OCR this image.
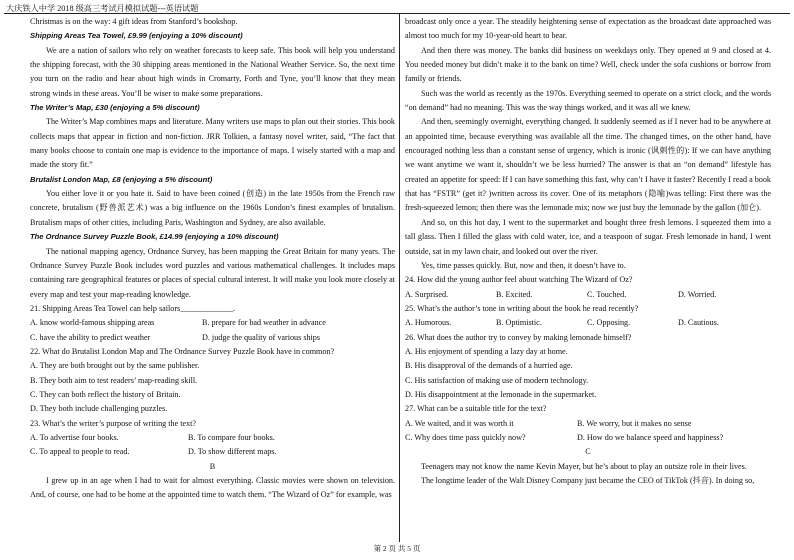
大庆铁人中学 2018 级高三考试月模拟试题---英语试题

Christmas is on the way: 4 gift ideas from Stanford’s bookshop.

Shipping Areas Tea Towel, £9.99 (enjoying a 10% discount)

We are a nation of sailors who rely on weather forecasts to keep safe. This book will help you understand the shipping forecast, with the 30 shipping areas mentioned in the National Weather Service. So, the next time you turn on the radio and hear about high winds in Cromarty, Forth and Tyne, you’ll know that they mean strong winds in these areas. You’ll be wiser to make some preparations.

The Writer’s Map, £30 (enjoying a 5% discount)

The Writer’s Map combines maps and literature. Many writers use maps to plan out their stories. This book collects maps that appear in fiction and non-fiction. JRR Tolkien, a fantasy novel writer, said, “The fact that many books choose to contain one map is evidence to the importance of maps. I wisely started with a map and made the story fit.”

Brutalist London Map, £8 (enjoying a 5% discount)

You either love it or you hate it. Said to have been coined (创造) in the late 1950s from the French raw concrete, brutalism (野兽派艺术) was a big influence on the 1960s London’s finest examples of brutalism. Brutalism maps of other cities, including Paris, Washington and Sydney, are also available.

The Ordnance Survey Puzzle Book, £14.99 (enjoying a 10% discount)

The national mapping agency, Ordnance Survey, has been mapping the Great Britain for many years. The Ordnance Survey Puzzle Book includes word puzzles and various mathematical challenges. It includes maps containing rare geographical features or places of special cultural interest. It will make you look more closely at every map and test your map-reading knowledge.

21. Shipping Areas Tea Towel can help sailors_____________.

A. know world-famous shipping areas	B. prepare for bad weather in advance
C. have the ability to predict weather	D. judge the quality of various ships

22. What do Brutalist London Map and The Ordnance Survey Puzzle Book have in common?

A. They are both brought out by the same publisher.

B. They both aim to test readers’ map-reading skill.

C. They can both reflect the history of Britain.

D. They both include challenging puzzles.

23. What’s the writer’s purpose of writing the text?

A. To advertise four books.	B. To compare four books.
C. To appeal to people to read.	D. To show different maps.

B

I grew up in an age when I had to wait for almost everything. Classic movies were shown on television. And, of course, one had to be home at the appointed time to watch them. “The Wizard of Oz” for example, was

broadcast only once a year. The steadily heightening sense of expectation as the broadcast date approached was almost too much for my 10-year-old heart to bear.

And then there was money. The banks did business on weekdays only. They opened at 9 and closed at 4. You needed money but didn’t make it to the bank on time? Well, check under the sofa cushions or borrow from family or friends.

Such was the world as recently as the 1970s. Everything seemed to operate on a strict clock, and the words “on demand” had no meaning. This was the way things worked, and it was all we knew.

And then, seemingly overnight, everything changed. It suddenly seemed as if I never had to be anywhere at an appointed time, because everything was available all the time. The changed times, on the other hand, have encouraged nothing less than a constant sense of urgency, which is ironic (讽刺性的): If we can have anything we want anytime we want it, shouldn’t we be less hurried? The answer is that an “on demand” lifestyle has created an appetite for speed: If I can have something this fast, why can’t I have it faster? Recently I read a book that has “FSTR” (get it? )written across its cover. One of its metaphors (隐喻)was telling: First there was the fresh-squeezed lemon; then there was the lemonade mix; now we just buy the lemonade by the gallon (加仑).

And so, on this hot day, I went to the supermarket and bought three fresh lemons. I squeezed them into a tall glass. Then I filled the glass with cold water, ice, and a teaspoon of sugar. Fresh lemonade in hand, I went outside, sat in my lawn chair, and looked out over the river.

Yes, time passes quickly. But, now and then, it doesn’t have to.

24. How did the young author feel about watching The Wizard of Oz?

A. Surprised.	B. Excited.	C. Touched.	D. Worried.

25. What’s the author’s tone in writing about the book he read recently?

A. Humorous.	B. Optimistic.	C. Opposing.	D. Cautious.

26. What does the author try to convey by making lemonade himself?

A. His enjoyment of spending a lazy day at home.

B. His disapproval of the demands of a hurried age.

C. His satisfaction of making use of modern technology.

D. His disappointment at the lemonade in the supermarket.

27. What can be a suitable title for the text?

A. We waited, and it was worth it	B. We worry, but it makes no sense
C. Why does time pass quickly now?	D. How do we balance speed and happiness?

C

Teenagers may not know the name Kevin Mayer, but he’s about to play an outsize role in their lives.

The longtime leader of the Walt Disney Company just became the CEO of TikTok (抖音). In doing so,

第 2 页 共 5 页
